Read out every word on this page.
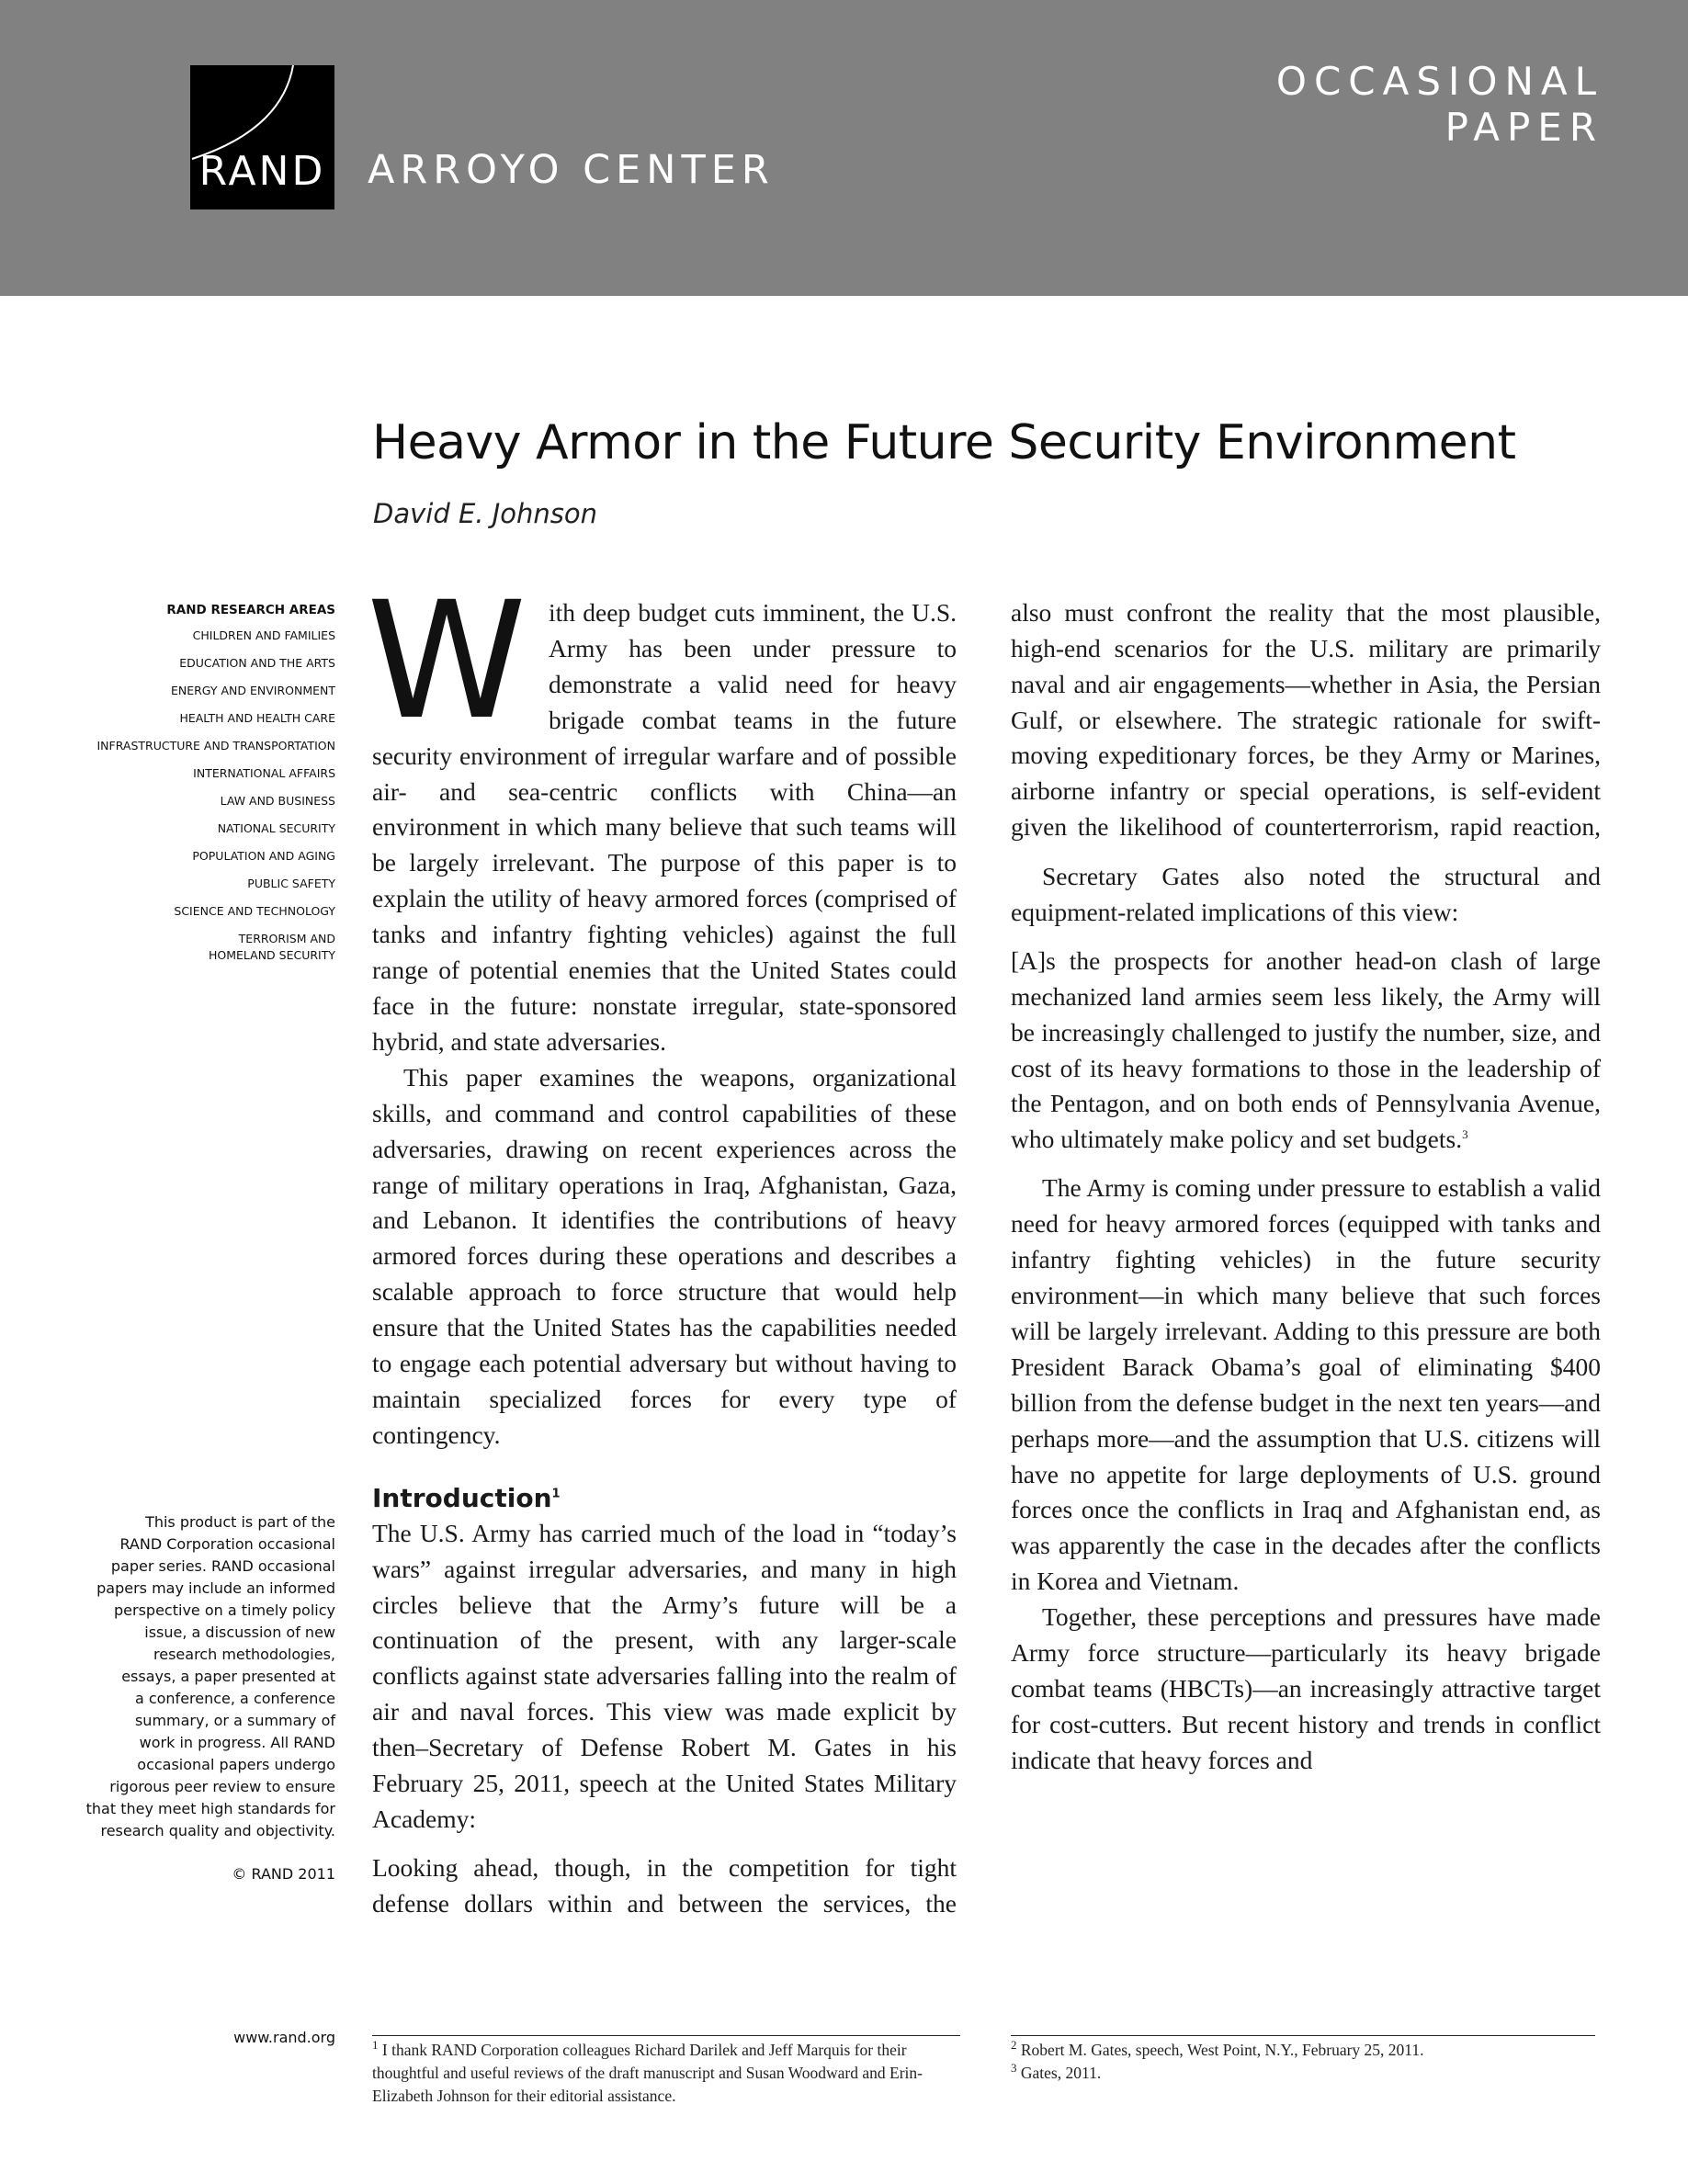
RAND ARROYO CENTER
OCCASIONAL
PAPER
Heavy Armor in the Future Security Environment
David E. Johnson
RAND RESEARCH AREAS
CHILDREN AND FAMILIES
EDUCATION AND THE ARTS
ENERGY AND ENVIRONMENT
HEALTH AND HEALTH CARE
INFRASTRUCTURE AND TRANSPORTATION
INTERNATIONAL AFFAIRS
LAW AND BUSINESS
NATIONAL SECURITY
POPULATION AND AGING
PUBLIC SAFETY
SCIENCE AND TECHNOLOGY
TERRORISM AND
HOMELAND SECURITY
This product is part of the
RAND Corporation occasional
paper series. RAND occasional
papers may include an informed
perspective on a timely policy
issue, a discussion of new
research methodologies,
essays, a paper presented at
a conference, a conference
summary, or a summary of
work in progress. All RAND
occasional papers undergo
rigorous peer review to ensure
that they meet high standards for
research quality and objectivity.
© RAND 2011
www.rand.org

With deep budget cuts imminent, the U.S. Army has been under pressure to demonstrate a valid need for heavy brigade combat teams in the future security environment of irregular warfare and of possible air- and sea-centric conflicts with China—an environment in which many believe that such teams will be largely irrelevant. The purpose of this paper is to explain the utility of heavy armored forces (comprised of tanks and infantry fighting vehicles) against the full range of potential enemies that the United States could face in the future: nonstate irregular, state-sponsored hybrid, and state adversaries.

This paper examines the weapons, organizational skills, and command and control capabilities of these adversaries, drawing on recent experiences across the range of military operations in Iraq, Afghanistan, Gaza, and Lebanon. It identifies the contributions of heavy armored forces during these operations and describes a scalable approach to force structure that would help ensure that the United States has the capabilities needed to engage each potential adversary but without having to maintain specialized forces for every type of contingency.

Introduction$^1$

The U.S. Army has carried much of the load in “today’s wars” against irregular adversaries, and many in high circles believe that the Army’s future will be a continuation of the present, with any larger-scale conflicts against state adversaries falling into the realm of air and naval forces. This view was made explicit by then–Secretary of Defense Robert M. Gates in his February 25, 2011, speech at the United States Military Academy:

Looking ahead, though, in the competition for tight defense dollars within and between the services, the

also must confront the reality that the most plausible, high-end scenarios for the U.S. military are primarily naval and air engagements—whether in Asia, the Persian Gulf, or elsewhere. The strategic rationale for swift-moving expeditionary forces, be they Army or Marines, airborne infantry or special operations, is self-evident given the likelihood of counterterrorism, rapid reaction,

Secretary Gates also noted the structural and equipment-related implications of this view:

[A]s the prospects for another head-on clash of large mechanized land armies seem less likely, the Army will be increasingly challenged to justify the number, size, and cost of its heavy formations to those in the leadership of the Pentagon, and on both ends of Pennsylvania Avenue, who ultimately make policy and set budgets.$^3$

The Army is coming under pressure to establish a valid need for heavy armored forces (equipped with tanks and infantry fighting vehicles) in the future security environment—in which many believe that such forces will be largely irrelevant. Adding to this pressure are both President Barack Obama’s goal of eliminating $400 billion from the defense budget in the next ten years—and perhaps more—and the assumption that U.S. citizens will have no appetite for large deployments of U.S. ground forces once the conflicts in Iraq and Afghanistan end, as was apparently the case in the decades after the conflicts in Korea and Vietnam.

Together, these perceptions and pressures have made Army force structure—particularly its heavy brigade combat teams (HBCTs)—an increasingly attractive target for cost-cutters. But recent history and trends in conflict indicate that heavy forces and

$^1$ I thank RAND Corporation colleagues Richard Darilek and Jeff Marquis for their thoughtful and useful reviews of the draft manuscript and Susan Woodward and Erin-Elizabeth Johnson for their editorial assistance.

$^2$ Robert M. Gates, speech, West Point, N.Y., February 25, 2011.

$^3$ Gates, 2011.
